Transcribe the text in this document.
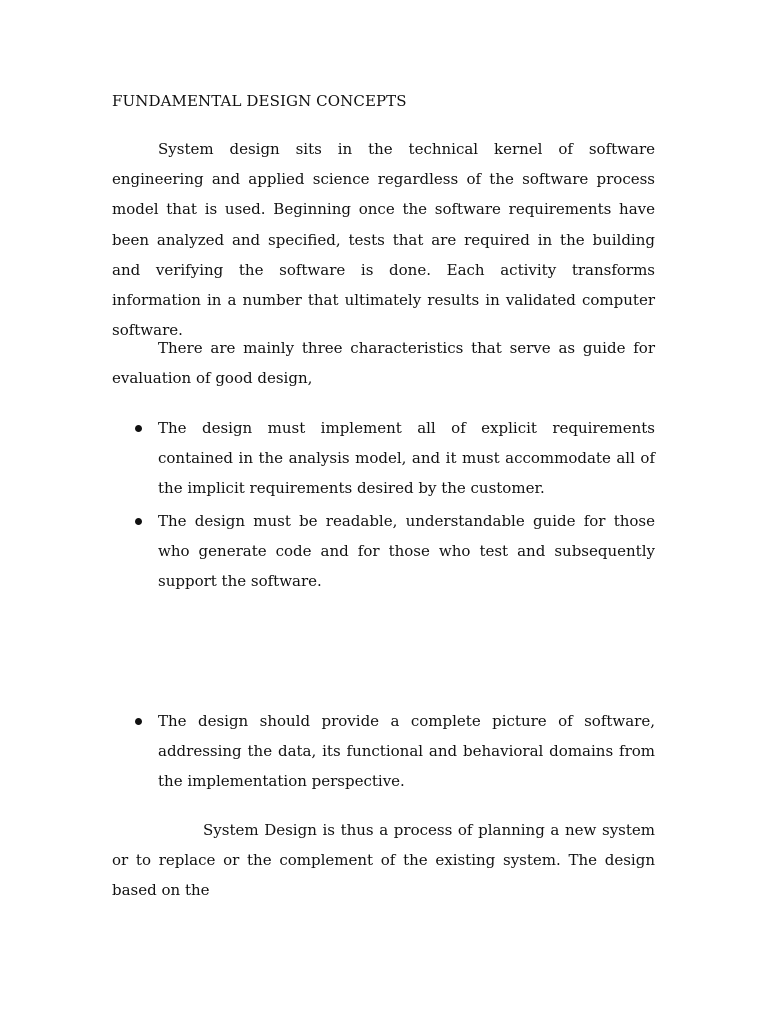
FUNDAMENTAL DESIGN CONCEPTS

System design sits in the technical kernel of software engineering and applied science regardless of the software process model that is used. Beginning once the software requirements have been analyzed and specified, tests that are required in the building and verifying the software is done. Each activity transforms information in a number that ultimately results in validated computer software.

There are mainly three characteristics that serve as guide for evaluation of good design,

The design must implement all of explicit requirements contained in the analysis model, and it must accommodate all of the implicit requirements desired by the customer.
The design must be readable, understandable guide for those who generate code and for those who test and subsequently support the software.
The design should provide a complete picture of software, addressing the data, its functional and behavioral domains from the implementation perspective.

System Design is thus a process of planning a new system or to replace or the complement of the existing system. The design based on the
